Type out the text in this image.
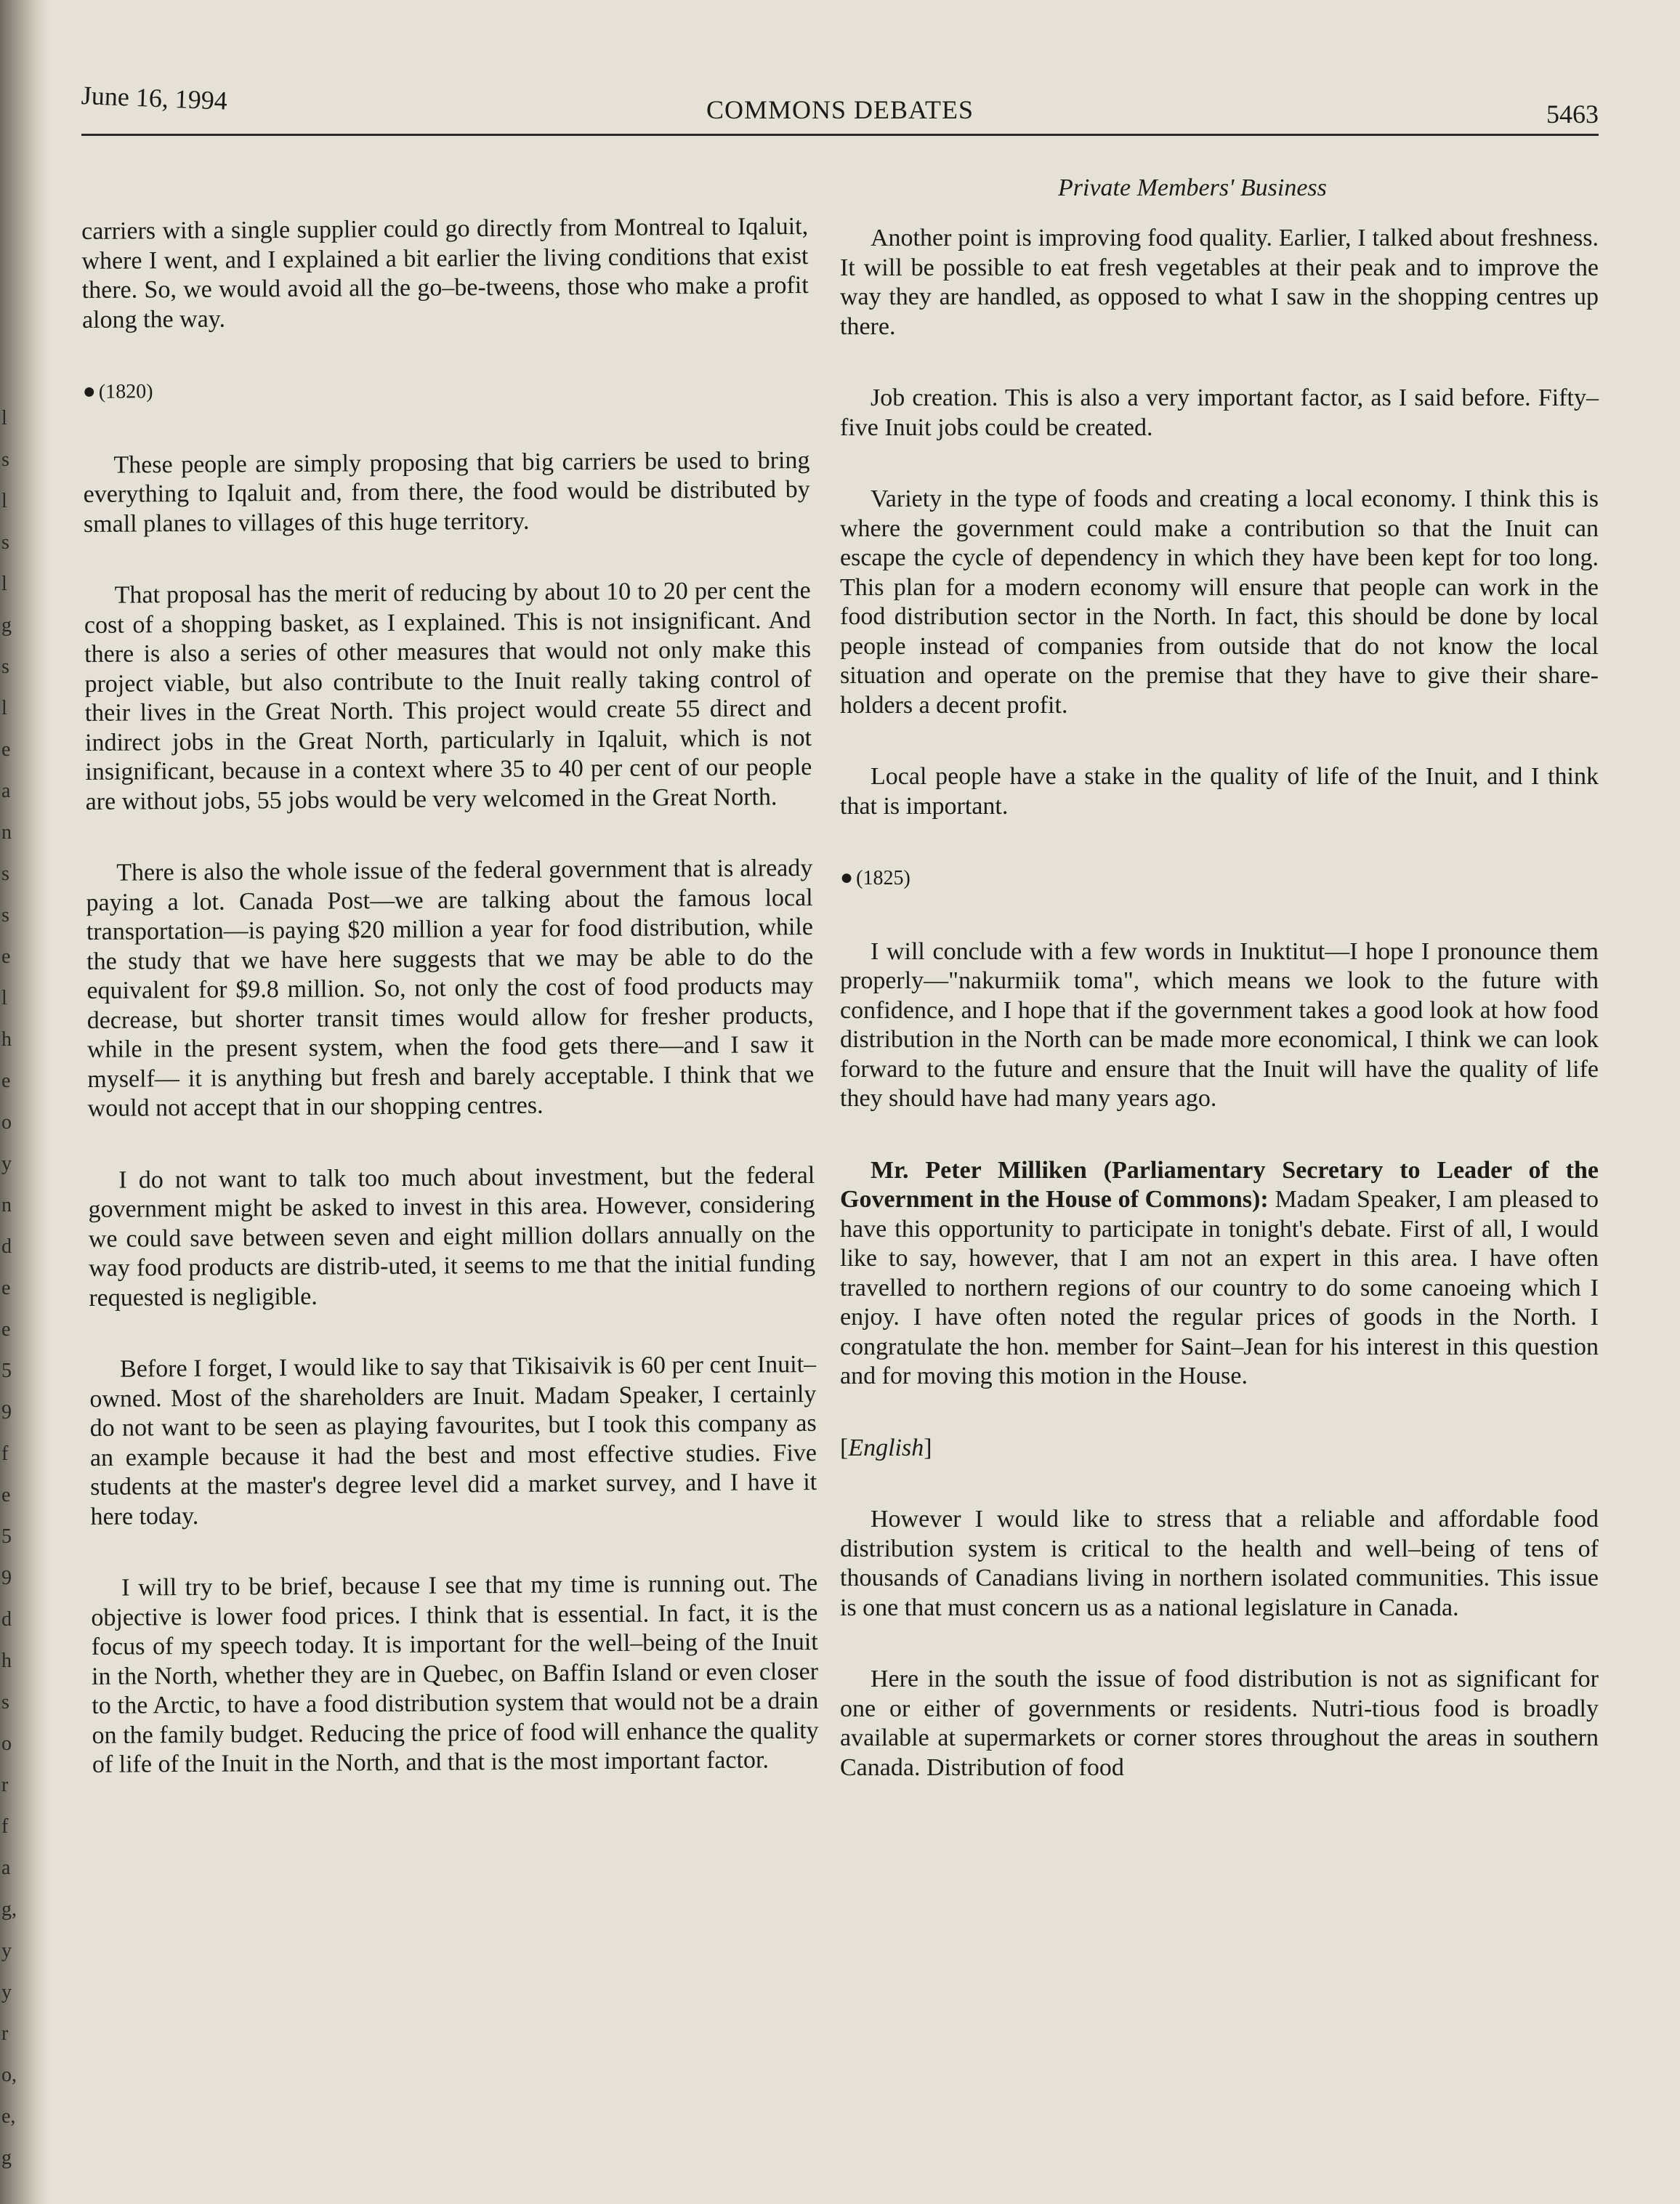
l
s
l
s
l
g
s
l
e
a
n
s
s
e
l
h
e
o
y
n
d
e
e
5
9
f
e
5
9
d
h
s
o
r
f
a
g,
y
y
r
o,
e,
g
June 16, 1994	COMMONS DEBATES	5463
Private Members' Business

carriers with a single supplier could go directly from Montreal to Iqaluit, where I went, and I explained a bit earlier the living conditions that exist there. So, we would avoid all the go–be-tweens, those who make a profit along the way.

● (1820)

These people are simply proposing that big carriers be used to bring everything to Iqaluit and, from there, the food would be distributed by small planes to villages of this huge territory.

That proposal has the merit of reducing by about 10 to 20 per cent the cost of a shopping basket, as I explained. This is not insignificant. And there is also a series of other measures that would not only make this project viable, but also contribute to the Inuit really taking control of their lives in the Great North. This project would create 55 direct and indirect jobs in the Great North, particularly in Iqaluit, which is not insignificant, because in a context where 35 to 40 per cent of our people are without jobs, 55 jobs would be very welcomed in the Great North.

There is also the whole issue of the federal government that is already paying a lot. Canada Post—we are talking about the famous local transportation—is paying $20 million a year for food distribution, while the study that we have here suggests that we may be able to do the equivalent for $9.8 million. So, not only the cost of food products may decrease, but shorter transit times would allow for fresher products, while in the present system, when the food gets there—and I saw it myself— it is anything but fresh and barely acceptable. I think that we would not accept that in our shopping centres.

I do not want to talk too much about investment, but the federal government might be asked to invest in this area. However, considering we could save between seven and eight million dollars annually on the way food products are distrib-uted, it seems to me that the initial funding requested is negligible.

Before I forget, I would like to say that Tikisaivik is 60 per cent Inuit–owned. Most of the shareholders are Inuit. Madam Speaker, I certainly do not want to be seen as playing favourites, but I took this company as an example because it had the best and most effective studies. Five students at the master's degree level did a market survey, and I have it here today.

I will try to be brief, because I see that my time is running out. The objective is lower food prices. I think that is essential. In fact, it is the focus of my speech today. It is important for the well–being of the Inuit in the North, whether they are in Quebec, on Baffin Island or even closer to the Arctic, to have a food distribution system that would not be a drain on the family budget. Reducing the price of food will enhance the quality of life of the Inuit in the North, and that is the most important factor.

Another point is improving food quality. Earlier, I talked about freshness. It will be possible to eat fresh vegetables at their peak and to improve the way they are handled, as opposed to what I saw in the shopping centres up there.

Job creation. This is also a very important factor, as I said before. Fifty–five Inuit jobs could be created.

Variety in the type of foods and creating a local economy. I think this is where the government could make a contribution so that the Inuit can escape the cycle of dependency in which they have been kept for too long. This plan for a modern economy will ensure that people can work in the food distribution sector in the North. In fact, this should be done by local people instead of companies from outside that do not know the local situation and operate on the premise that they have to give their share-holders a decent profit.

Local people have a stake in the quality of life of the Inuit, and I think that is important.

● (1825)

I will conclude with a few words in Inuktitut—I hope I pronounce them properly—"nakurmiik toma", which means we look to the future with confidence, and I hope that if the government takes a good look at how food distribution in the North can be made more economical, I think we can look forward to the future and ensure that the Inuit will have the quality of life they should have had many years ago.

Mr. Peter Milliken (Parliamentary Secretary to Leader of the Government in the House of Commons): Madam Speaker, I am pleased to have this opportunity to participate in tonight's debate. First of all, I would like to say, however, that I am not an expert in this area. I have often travelled to northern regions of our country to do some canoeing which I enjoy. I have often noted the regular prices of goods in the North. I congratulate the hon. member for Saint–Jean for his interest in this question and for moving this motion in the House.

[English]

However I would like to stress that a reliable and affordable food distribution system is critical to the health and well–being of tens of thousands of Canadians living in northern isolated communities. This issue is one that must concern us as a national legislature in Canada.

Here in the south the issue of food distribution is not as significant for one or either of governments or residents. Nutri-tious food is broadly available at supermarkets or corner stores throughout the areas in southern Canada. Distribution of food
